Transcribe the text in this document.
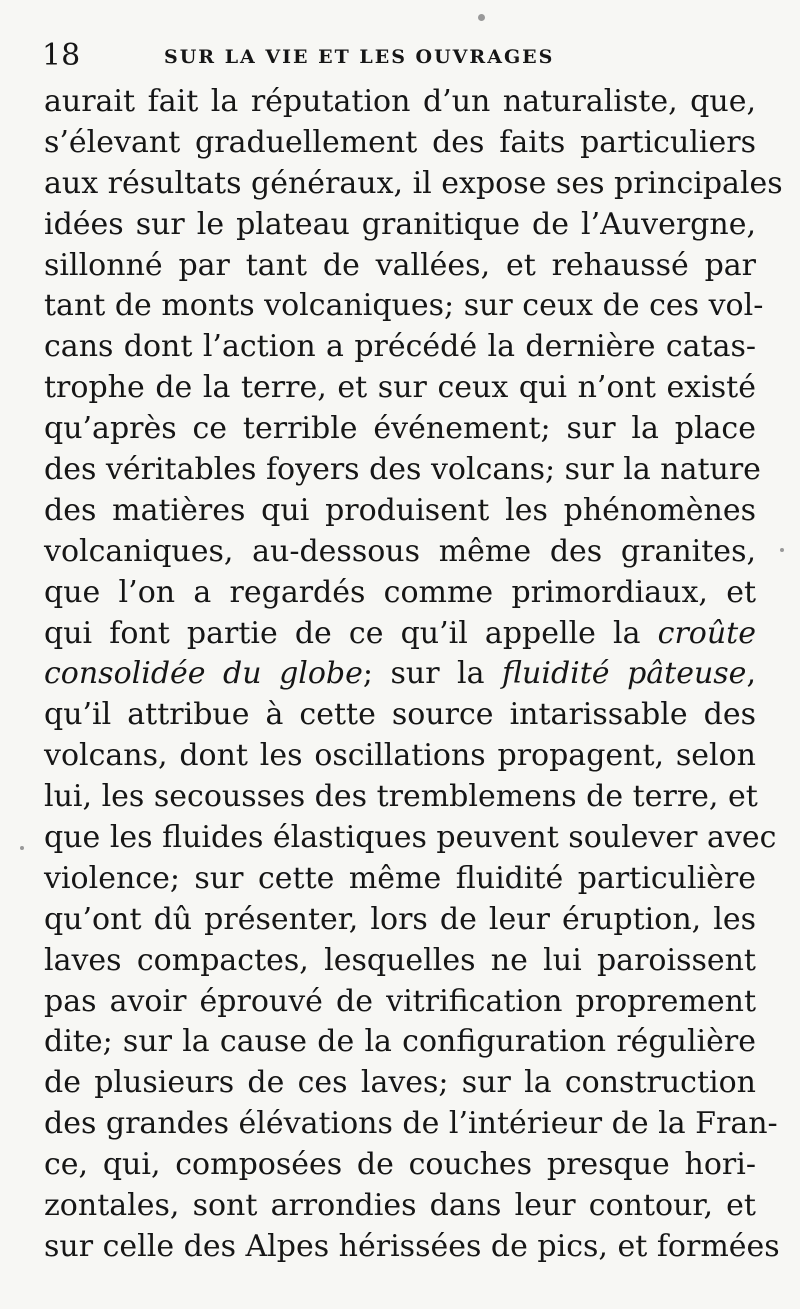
18	SUR LA VIE ET LES OUVRAGES
aurait fait la réputation d’un naturaliste, que,
s’élevant graduellement des faits particuliers
aux résultats généraux, il expose ses principales
idées sur le plateau granitique de l’Auvergne,
sillonné par tant de vallées, et rehaussé par
tant de monts volcaniques; sur ceux de ces vol-
cans dont l’action a précédé la dernière catas-
trophe de la terre, et sur ceux qui n’ont existé
qu’après ce terrible événement; sur la place
des véritables foyers des volcans; sur la nature
des matières qui produisent les phénomènes
volcaniques, au-dessous même des granites,
que l’on a regardés comme primordiaux, et
qui font partie de ce qu’il appelle la croûte
consolidée du globe; sur la fluidité pâteuse,
qu’il attribue à cette source intarissable des
volcans, dont les oscillations propagent, selon
lui, les secousses des tremblemens de terre, et
que les fluides élastiques peuvent soulever avec
violence; sur cette même fluidité particulière
qu’ont dû présenter, lors de leur éruption, les
laves compactes, lesquelles ne lui paroissent
pas avoir éprouvé de vitrification proprement
dite; sur la cause de la configuration régulière
de plusieurs de ces laves; sur la construction
des grandes élévations de l’intérieur de la Fran-
ce, qui, composées de couches presque hori-
zontales, sont arrondies dans leur contour, et
sur celle des Alpes hérissées de pics, et formées
